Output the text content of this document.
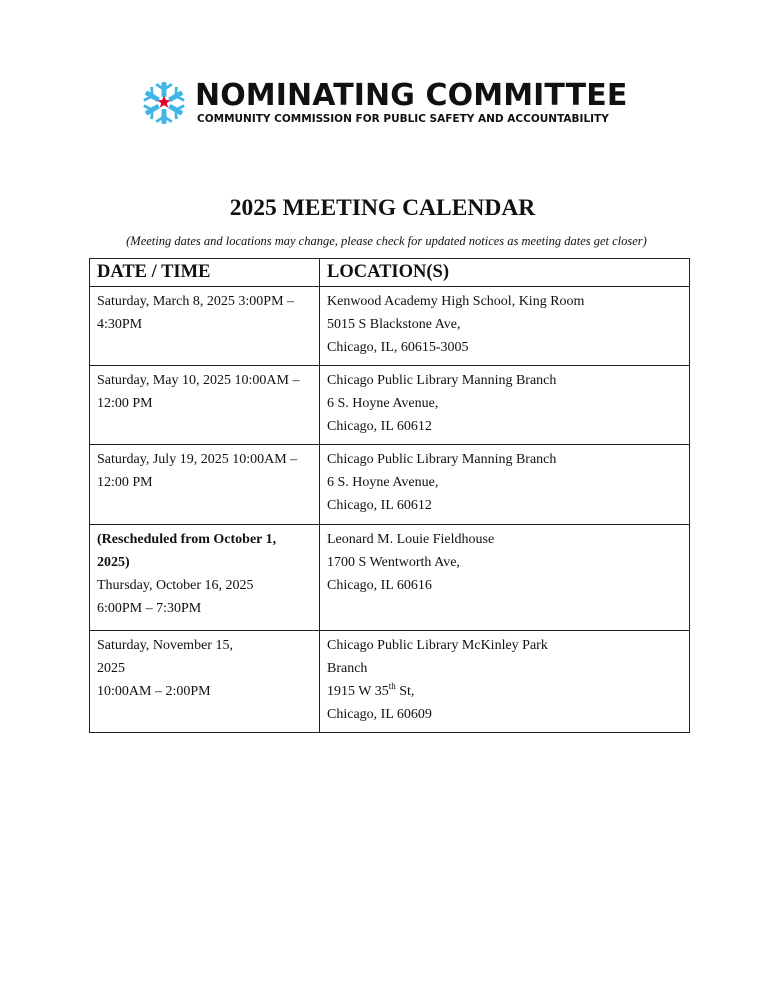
NOMINATING COMMITTEE
COMMUNITY COMMISSION FOR PUBLIC SAFETY AND ACCOUNTABILITY
2025 MEETING CALENDAR
(Meeting dates and locations may change, please check for updated notices as meeting dates get closer)
DATE / TIME	LOCATION(S)

Saturday, March 8, 2025 3:00PM –
4:30PM	Kenwood Academy High School, King Room
5015 S Blackstone Ave,
Chicago, IL, 60615-3005

Saturday, May 10, 2025 10:00AM –
12:00 PM	Chicago Public Library Manning Branch
6 S. Hoyne Avenue,
Chicago, IL 60612

Saturday, July 19, 2025 10:00AM –
12:00 PM	Chicago Public Library Manning Branch
6 S. Hoyne Avenue,
Chicago, IL 60612

(Rescheduled from October 1,
2025)
Thursday, October 16, 2025
6:00PM – 7:30PM	Leonard M. Louie Fieldhouse
1700 S Wentworth Ave,
Chicago, IL 60616

Saturday, November 15,
2025
10:00AM – 2:00PM	Chicago Public Library McKinley Park
Branch
1915 W 35th St,
Chicago, IL 60609
